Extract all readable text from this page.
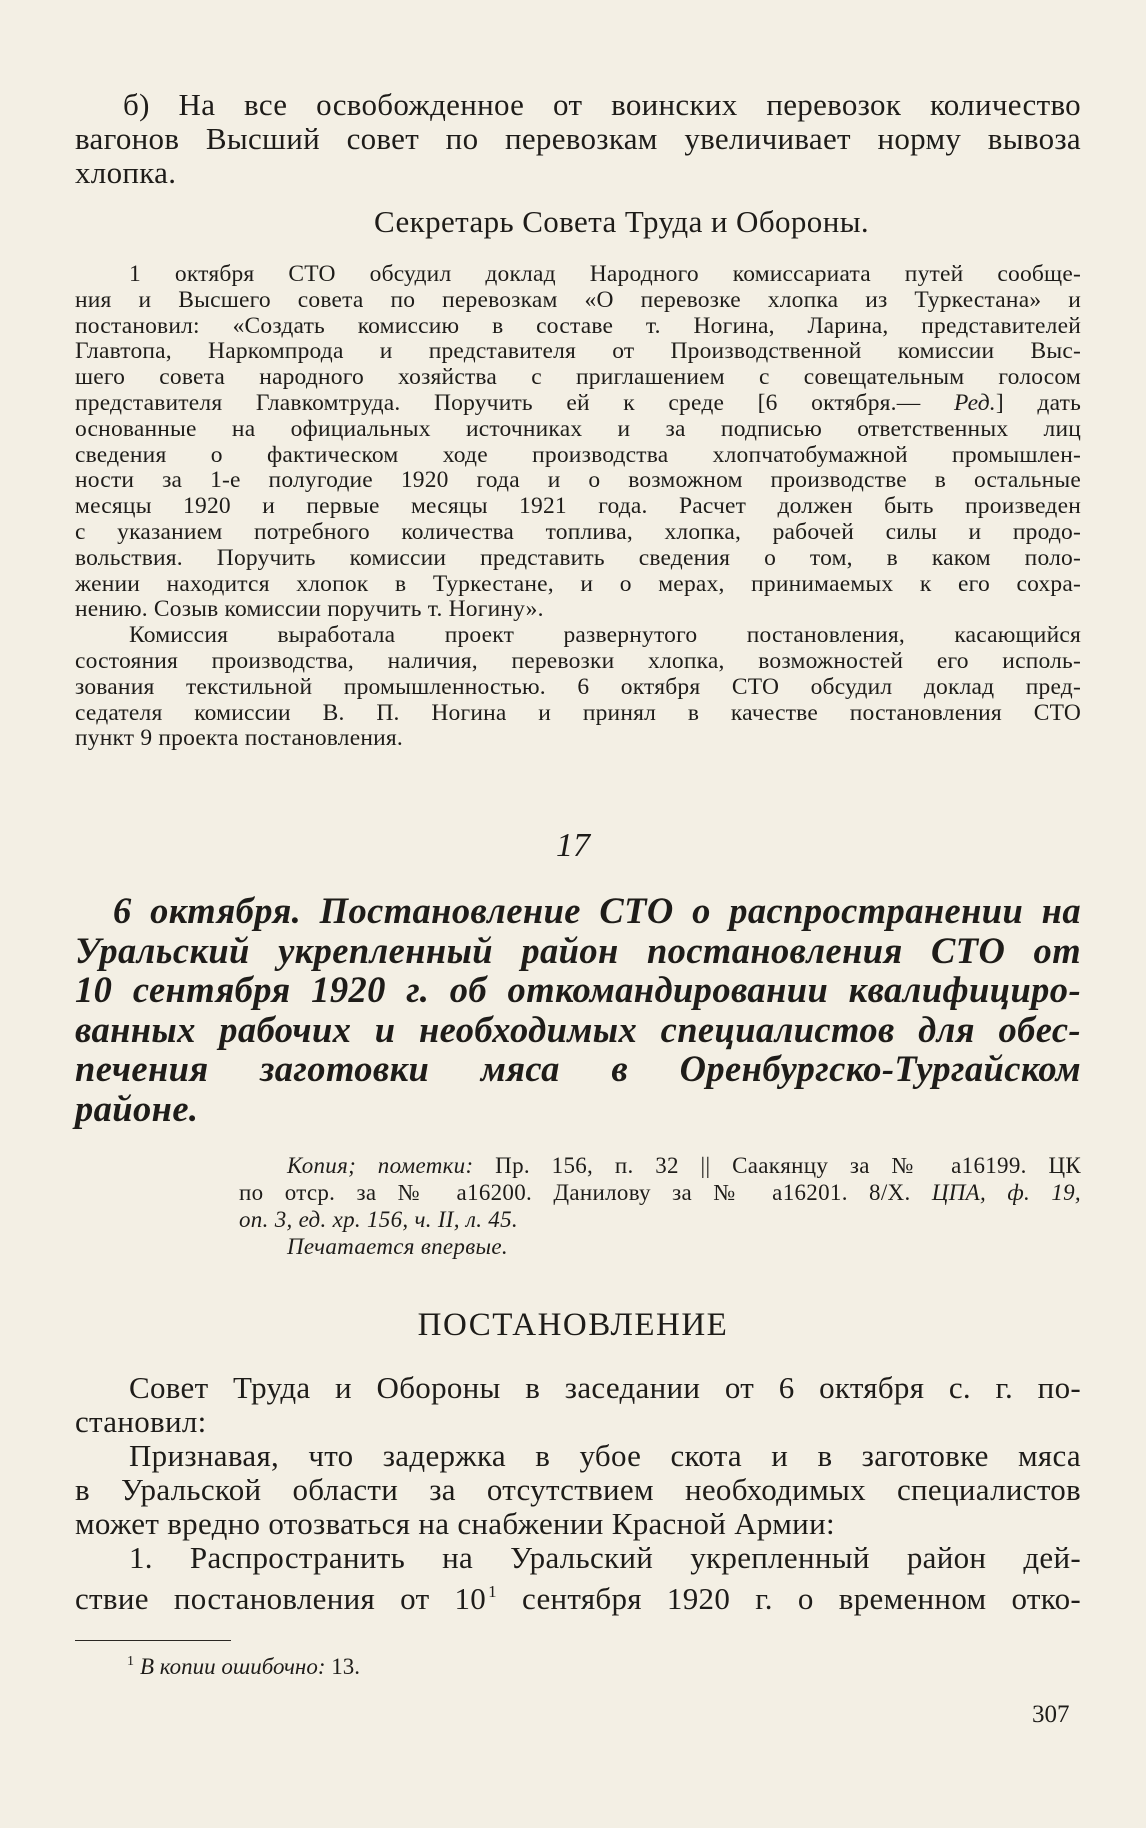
б) На все освобожденное от воинских перевозок количество
вагонов Высший совет по перевозкам увеличивает норму вывоза
хлопка.
Секретарь Совета Труда и Обороны.
1 октября СТО обсудил доклад Народного комиссариата путей сообще-
ния и Высшего совета по перевозкам «О перевозке хлопка из Туркестана» и
постановил: «Создать комиссию в составе т. Ногина, Ларина, представителей
Главтопа, Наркомпрода и представителя от Производственной комиссии Выс-
шего совета народного хозяйства с приглашением с совещательным голосом
представителя Главкомтруда. Поручить ей к среде [6 октября.— Ред.] дать
основанные на официальных источниках и за подписью ответственных лиц
сведения о фактическом ходе производства хлопчатобумажной промышлен-
ности за 1-е полугодие 1920 года и о возможном производстве в остальные
месяцы 1920 и первые месяцы 1921 года. Расчет должен быть произведен
с указанием потребного количества топлива, хлопка, рабочей силы и продо-
вольствия. Поручить комиссии представить сведения о том, в каком поло-
жении находится хлопок в Туркестане, и о мерах, принимаемых к его сохра-
нению. Созыв комиссии поручить т. Ногину».
Комиссия выработала проект развернутого постановления, касающийся
состояния производства, наличия, перевозки хлопка, возможностей его исполь-
зования текстильной промышленностью. 6 октября СТО обсудил доклад пред-
седателя комиссии В. П. Ногина и принял в качестве постановления СТО
пункт 9 проекта постановления.
17
6 октября. Постановление СТО о распространении на
Уральский укрепленный район постановления СТО от
10 сентября 1920 г. об откомандировании квалифициро-
ванных рабочих и необходимых специалистов для обес-
печения заготовки мяса в Оренбургско-Тургайском
районе.
Копия; пометки: Пр. 156, п. 32 || Саакянцу за № а16199. ЦК
по отср. за № а16200. Данилову за № а16201. 8/X. ЦПА, ф. 19,
оп. 3, ед. хр. 156, ч. II, л. 45.
Печатается впервые.
ПОСТАНОВЛЕНИЕ
Совет Труда и Обороны в заседании от 6 октября с. г. по-
становил:
Признавая, что задержка в убое скота и в заготовке мяса
в Уральской области за отсутствием необходимых специалистов
может вредно отозваться на снабжении Красной Армии:
1. Распространить на Уральский укрепленный район дей-
ствие постановления от 10 $^1$ сентября 1920 г. о временном отко-
$^1$ В копии ошибочно: 13.
307
